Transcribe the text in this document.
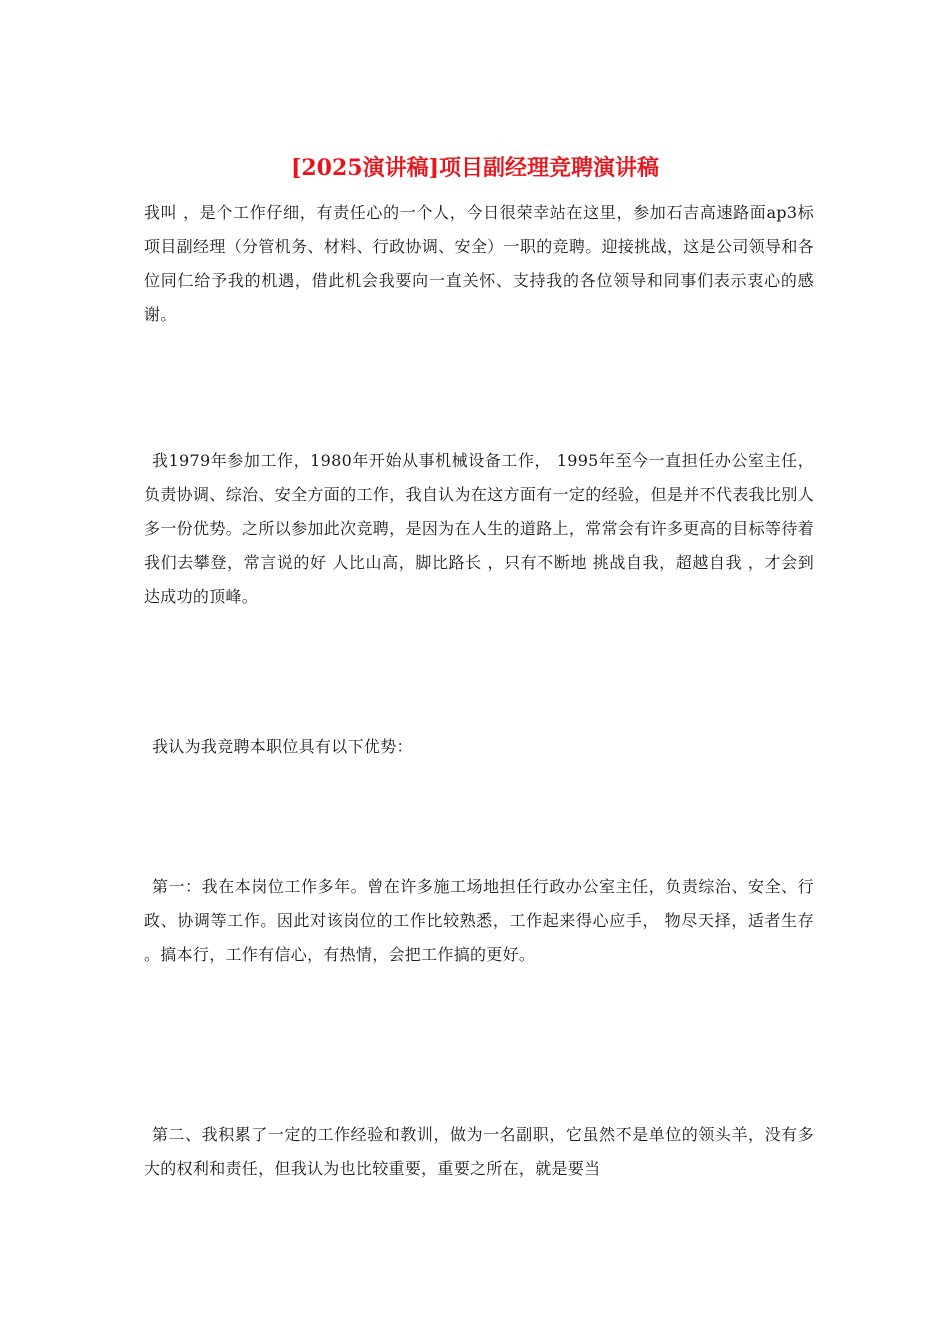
[2025演讲稿]项目副经理竞聘演讲稿

我叫 ，是个工作仔细，有责任心的一个人，今日很荣幸站在这里，参加石吉高速路面ap3标项目副经理（分管机务、材料、行政协调、安全）一职的竞聘。迎接挑战，这是公司领导和各位同仁给予我的机遇，借此机会我要向一直关怀、支持我的各位领导和同事们表示衷心的感谢。

我1979年参加工作，1980年开始从事机械设备工作， 1995年至今一直担任办公室主任，负责协调、综治、安全方面的工作，我自认为在这方面有一定的经验，但是并不代表我比别人多一份优势。之所以参加此次竞聘，是因为在人生的道路上，常常会有许多更高的目标等待着我们去攀登，常言说的好 人比山高，脚比路长 ，只有不断地 挑战自我，超越自我 ，才会到达成功的顶峰。

我认为我竞聘本职位具有以下优势：

第一：我在本岗位工作多年。曾在许多施工场地担任行政办公室主任，负责综治、安全、行政、协调等工作。因此对该岗位的工作比较熟悉，工作起来得心应手， 物尽天择，适者生存 。搞本行，工作有信心，有热情，会把工作搞的更好。

第二、我积累了一定的工作经验和教训，做为一名副职，它虽然不是单位的领头羊，没有多大的权利和责任，但我认为也比较重要，重要之所在，就是要当
